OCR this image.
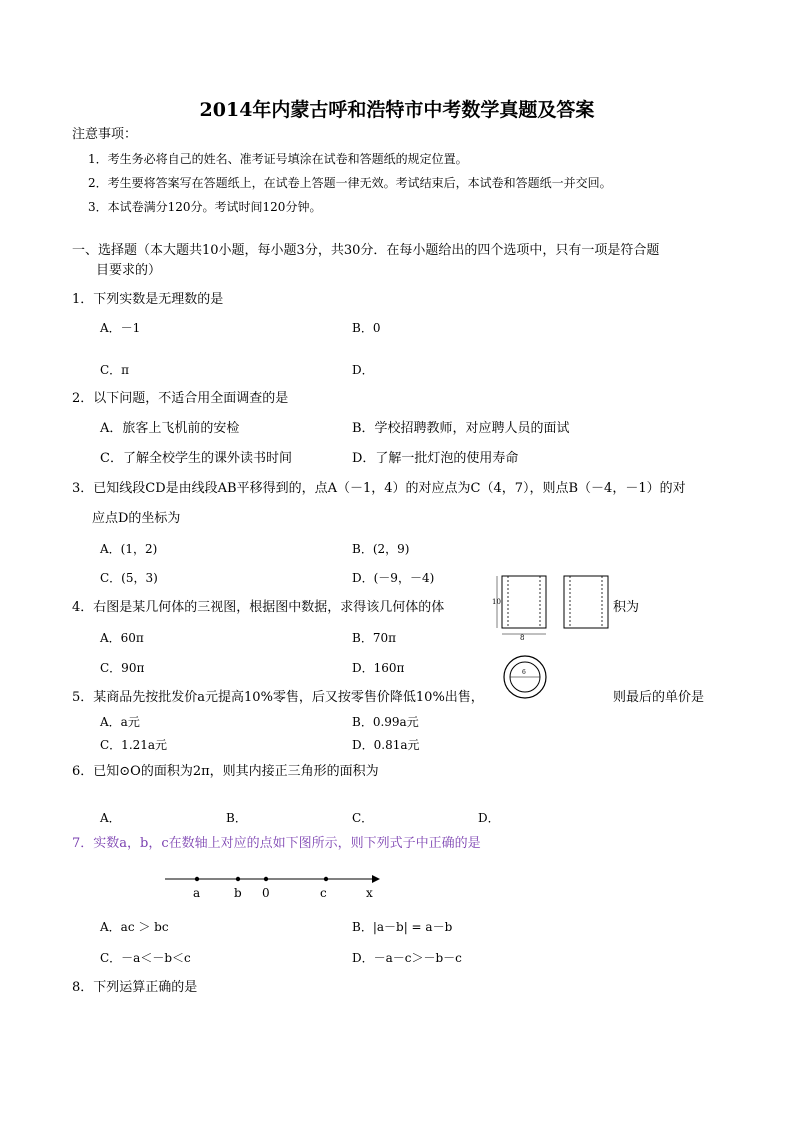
2014年内蒙古呼和浩特市中考数学真题及答案
注意事项：
1．考生务必将自己的姓名、准考证号填涂在试卷和答题纸的规定位置。
2．考生要将答案写在答题纸上，在试卷上答题一律无效。考试结束后，本试卷和答题纸一并交回。
3．本试卷满分120分。考试时间120分钟。
一、选择题（本大题共10小题，每小题3分，共30分．在每小题给出的四个选项中，只有一项是符合题
目要求的）
1．下列实数是无理数的是
A．－1	B．0
C．π	D．
2．以下问题，不适合用全面调查的是
A．旅客上飞机前的安检	B．学校招聘教师，对应聘人员的面试
C．了解全校学生的课外读书时间	D．了解一批灯泡的使用寿命
3．已知线段CD是由线段AB平移得到的，点A（－1，4）的对应点为C（4，7），则点B（－4，－1）的对
应点D的坐标为
A．(1，2)	B．(2，9)
C．(5，3)	D．(－9，－4)
4．右图是某几何体的三视图，根据图中数据，求得该几何体的体	积为
A．60π	B．70π
C．90π	D．160π
10
8
6
5．某商品先按批发价a元提高10%零售，后又按零售价降低10%出售，	则最后的单价是
A．a元	B．0.99a元
C．1.21a元	D．0.81a元
6．已知⊙O的面积为2π，则其内接正三角形的面积为
A．	B．	C．	D．
7．实数a，b，c在数轴上对应的点如下图所示，则下列式子中正确的是
a	b 0	c	x
A．ac ＞ bc	B．|a－b| = a－b
C．－a＜－b＜c	D．－a－c＞－b－c
8．下列运算正确的是
